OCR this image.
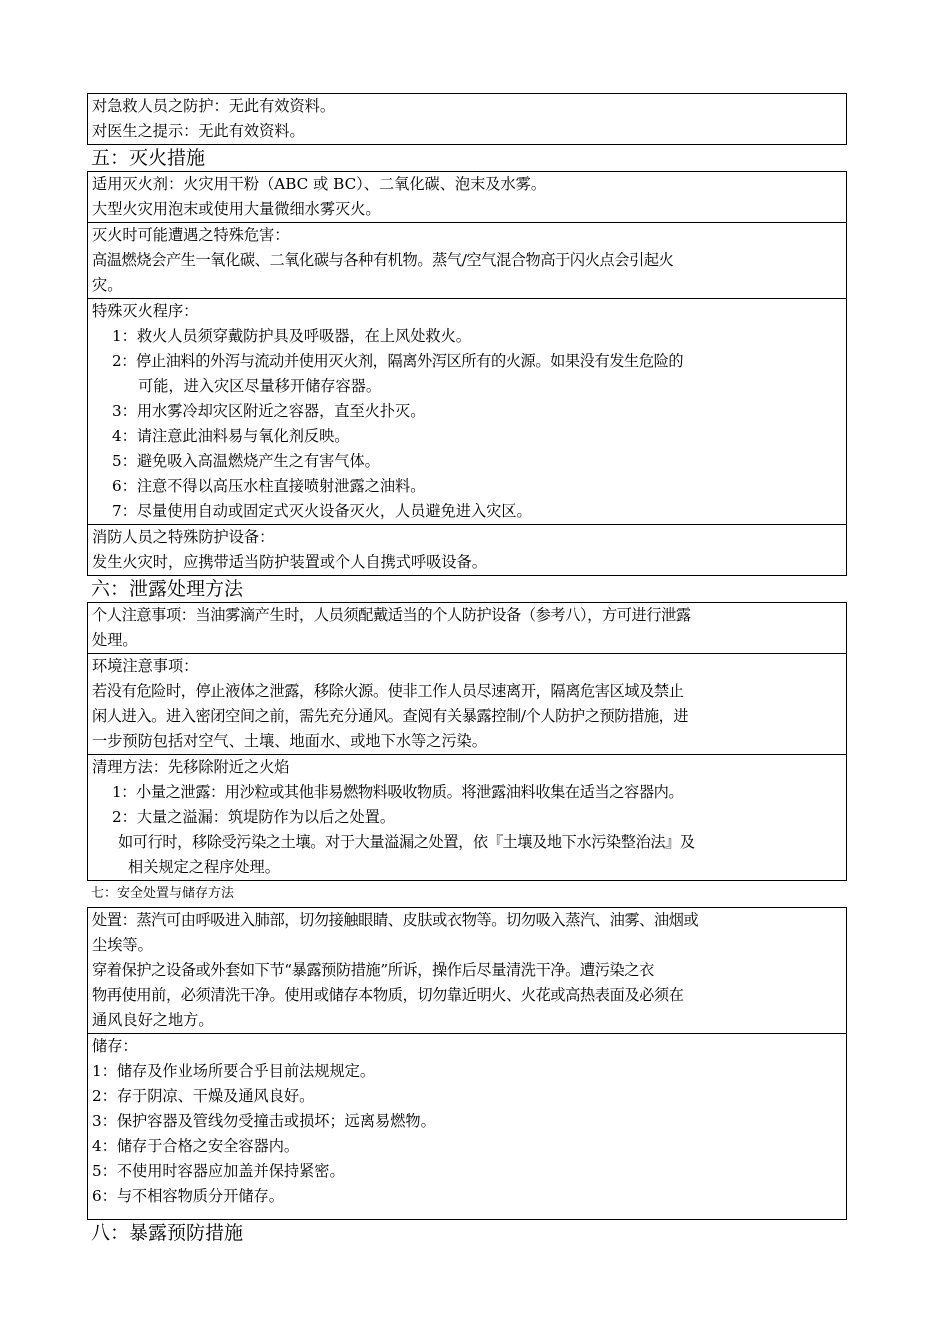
对急救人员之防护：无此有效资料。
对医生之提示：无此有效资料。
五：灭火措施
适用灭火剂：火灾用干粉（ABC 或 BC）、二氧化碳、泡末及水雾。
大型火灾用泡末或使用大量微细水雾灭火。
灭火时可能遭遇之特殊危害：
高温燃烧会产生一氧化碳、二氧化碳与各种有机物。蒸气/空气混合物高于闪火点会引起火
灾。
特殊灭火程序：
1：救火人员须穿戴防护具及呼吸器，在上风处救火。
2：停止油料的外泻与流动并使用灭火剂，隔离外泻区所有的火源。如果没有发生危险的
可能，进入灾区尽量移开储存容器。
3：用水雾冷却灾区附近之容器，直至火扑灭。
4：请注意此油料易与氧化剂反映。
5：避免吸入高温燃烧产生之有害气体。
6：注意不得以高压水柱直接喷射泄露之油料。
7：尽量使用自动或固定式灭火设备灭火，人员避免进入灾区。
消防人员之特殊防护设备：
发生火灾时，应携带适当防护装置或个人自携式呼吸设备。
六：泄露处理方法
个人注意事项：当油雾滴产生时，人员须配戴适当的个人防护设备（参考八），方可进行泄露
处理。
环境注意事项：
若没有危险时，停止液体之泄露，移除火源。使非工作人员尽速离开，隔离危害区域及禁止
闲人进入。进入密闭空间之前，需先充分通风。查阅有关暴露控制/个人防护之预防措施，进
一步预防包括对空气、土壤、地面水、或地下水等之污染。
清理方法：先移除附近之火焰
1：小量之泄露：用沙粒或其他非易燃物料吸收物质。将泄露油料收集在适当之容器内。
2：大量之溢漏：筑堤防作为以后之处置。
如可行时，移除受污染之土壤。对于大量溢漏之处置，依『土壤及地下水污染整治法』及
相关规定之程序处理。
七：安全处置与储存方法
处置：蒸汽可由呼吸进入肺部，切勿接触眼睛、皮肤或衣物等。切勿吸入蒸汽、油雾、油烟或
尘埃等。
穿着保护之设备或外套如下节“暴露预防措施”所诉，操作后尽量清洗干净。遭污染之衣
物再使用前，必须清洗干净。使用或储存本物质，切勿靠近明火、火花或高热表面及必须在
通风良好之地方。
储存：
1：储存及作业场所要合乎目前法规规定。
2：存于阴凉、干燥及通风良好。
3：保护容器及管线勿受撞击或损坏；远离易燃物。
4：储存于合格之安全容器内。
5：不使用时容器应加盖并保持紧密。
6：与不相容物质分开储存。
八：暴露预防措施
